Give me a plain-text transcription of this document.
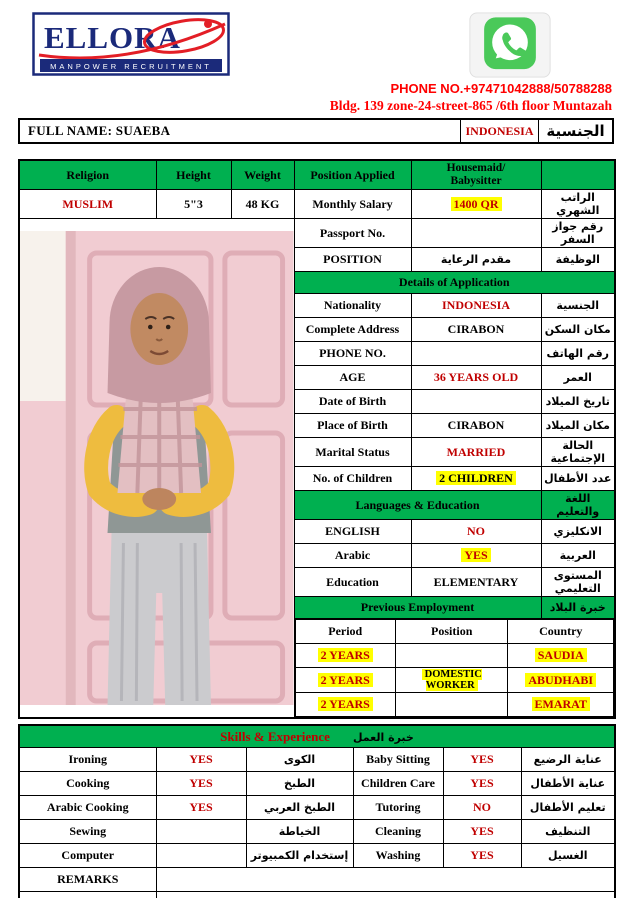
ELLORA
MANPOWER RECRUITMENT
PHONE NO.+97471042888/50788288
Bldg. 139 zone-24-street-865 /6th floor Muntazah
FULL NAME: SUAEBA	INDONESIA الجنسية
Religion	Height	Weight	Position Applied	Housemaid/
Babysitter

MUSLIM	5"3	48 KG	Monthly Salary	1400 QR	الراتب الشهري

	Passport No.		رقم جواز السفر
POSITION	مقدم الرعاية	الوظيفة
Details of Application
Nationality	INDONESIA	الجنسية
Complete Address	CIRABON	مكان السكن
PHONE NO.		رقم الهاتف
AGE	36 YEARS OLD	العمر
Date of Birth		تاريخ الميلاد
Place of Birth	CIRABON	مكان الميلاد
Marital Status	MARRIED	الحالة الإجتماعية
No. of Children	2 CHILDREN	عدد الأطفال
Languages & Education	اللغة والتعليم
ENGLISH	NO	الانكليزي
Arabic	YES	العربية
Education	ELEMENTARY	المستوى التعليمي
Previous Employment	خبرة البلاد

Period	Position	Country
2 YEARS		SAUDIA
2 YEARS	DOMESTIC WORKER	ABUDHABI
2 YEARS		EMARAT
Skills & Experience خبرة العمل					
Ironing	YES	الكوى	Baby Sitting	YES	عناية الرضيع
Cooking	YES	الطبخ	Children Care	YES	عناية الأطفال
Arabic Cooking	YES	الطبخ العربي	Tutoring	NO	تعليم الأطفال
Sewing		الخياطة	Cleaning	YES	التنظيف
Computer		إستخدام الكمبيوتر	Washing	YES	الغسيل
REMARKS					
